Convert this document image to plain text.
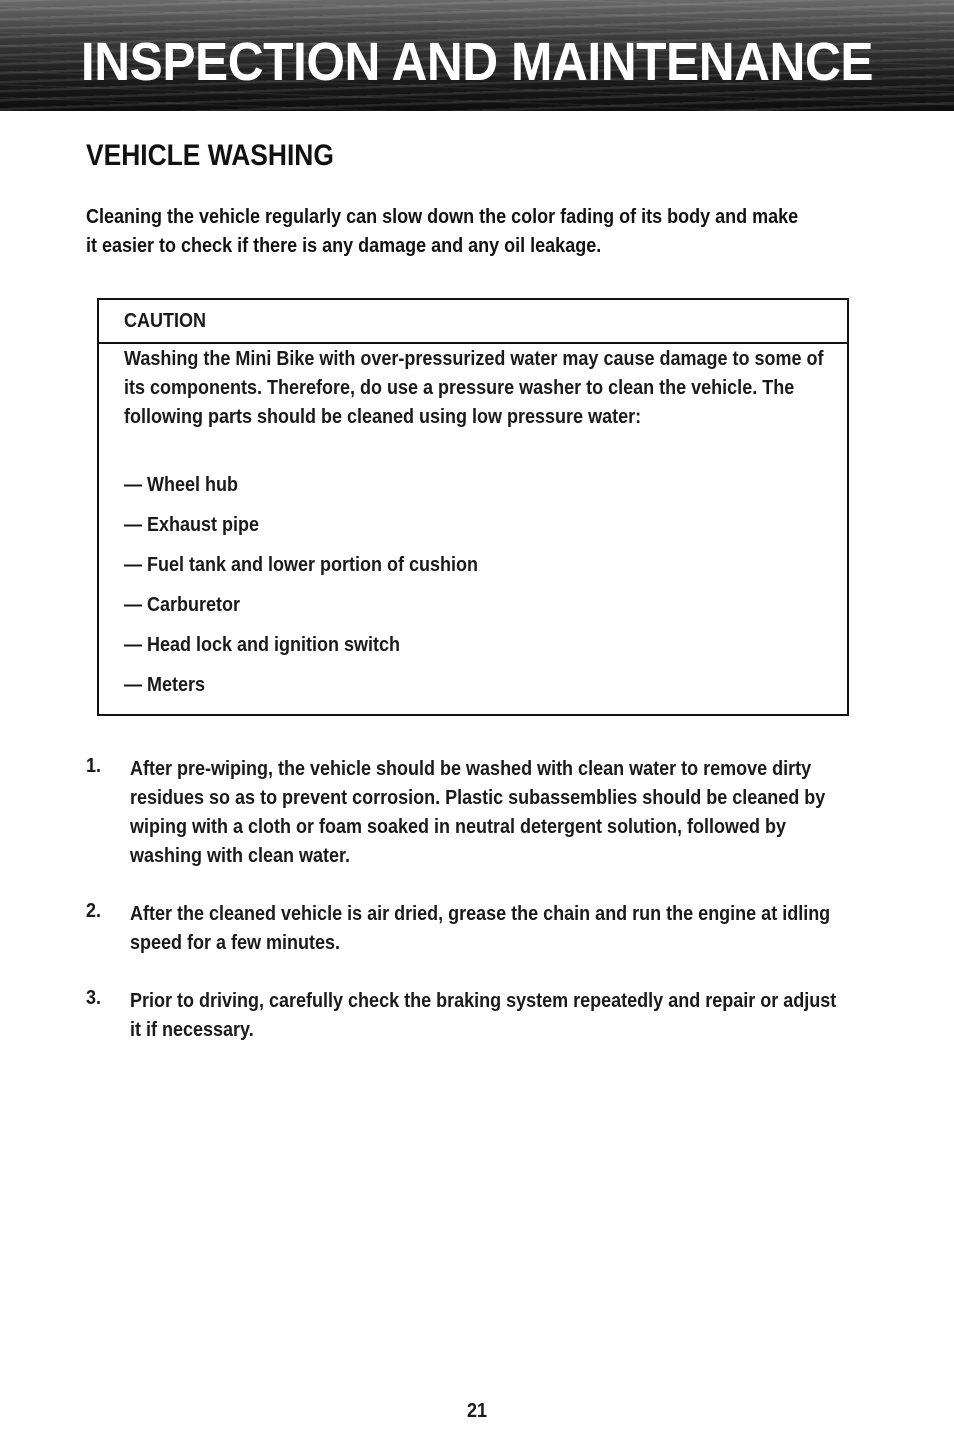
INSPECTION AND MAINTENANCE
VEHICLE WASHING
Cleaning the vehicle regularly can slow down the color fading of its body and make it easier to check if there is any damage and any oil leakage.
CAUTION
Washing the Mini Bike with over-pressurized water may cause damage to some of its components. Therefore, do use a pressure washer to clean the vehicle. The following parts should be cleaned using low pressure water:
— Wheel hub
— Exhaust pipe
— Fuel tank and lower portion of cushion
— Carburetor
— Head lock and ignition switch
— Meters
1. After pre-wiping, the vehicle should be washed with clean water to remove dirty residues so as to prevent corrosion. Plastic subassemblies should be cleaned by wiping with a cloth or foam soaked in neutral detergent solution, followed by washing with clean water.
2. After the cleaned vehicle is air dried, grease the chain and run the engine at idling speed for a few minutes.
3. Prior to driving, carefully check the braking system repeatedly and repair or adjust it if necessary.
21
